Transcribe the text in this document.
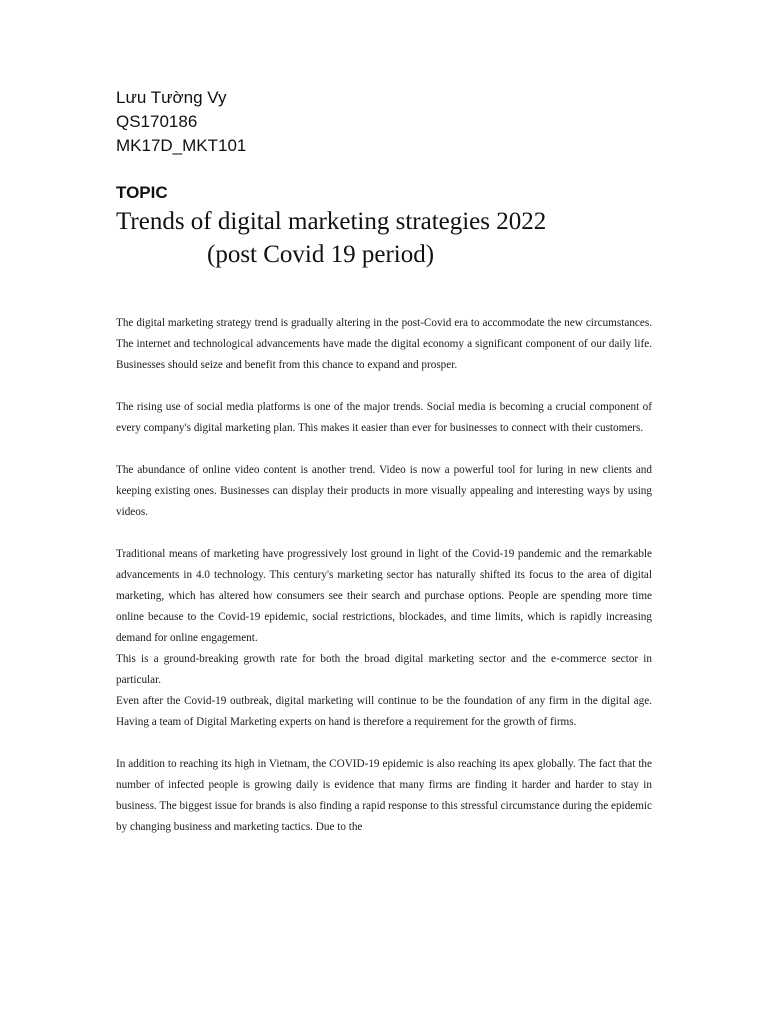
Lưu Tường Vy
QS170186
MK17D_MKT101
TOPIC
Trends of digital marketing strategies 2022
(post Covid 19 period)

The digital marketing strategy trend is gradually altering in the post-Covid era to accommodate the new circumstances. The internet and technological advancements have made the digital economy a significant component of our daily life. Businesses should seize and benefit from this chance to expand and prosper.

The rising use of social media platforms is one of the major trends. Social media is becoming a crucial component of every company's digital marketing plan. This makes it easier than ever for businesses to connect with their customers.

The abundance of online video content is another trend. Video is now a powerful tool for luring in new clients and keeping existing ones. Businesses can display their products in more visually appealing and interesting ways by using videos.

Traditional means of marketing have progressively lost ground in light of the Covid-19 pandemic and the remarkable advancements in 4.0 technology. This century's marketing sector has naturally shifted its focus to the area of digital marketing, which has altered how consumers see their search and purchase options. People are spending more time online because to the Covid-19 epidemic, social restrictions, blockades, and time limits, which is rapidly increasing demand for online engagement.

This is a ground-breaking growth rate for both the broad digital marketing sector and the e-commerce sector in particular.

Even after the Covid-19 outbreak, digital marketing will continue to be the foundation of any firm in the digital age. Having a team of Digital Marketing experts on hand is therefore a requirement for the growth of firms.

In addition to reaching its high in Vietnam, the COVID-19 epidemic is also reaching its apex globally. The fact that the number of infected people is growing daily is evidence that many firms are finding it harder and harder to stay in business. The biggest issue for brands is also finding a rapid response to this stressful circumstance during the epidemic by changing business and marketing tactics. Due to the
